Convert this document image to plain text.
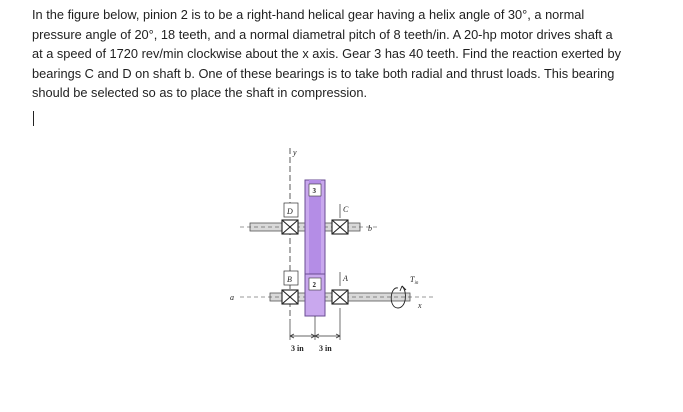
In the figure below, pinion 2 is to be a right-hand helical gear having a helix angle of 30°, a normal
pressure angle of 20°, 18 teeth, and a normal diametral pitch of 8 teeth/in. A 20-hp motor drives shaft a
at a speed of 1720 rev/min clockwise about the x axis. Gear 3 has 40 teeth. Find the reaction exerted by
bearings C and D on shaft b. One of these bearings is to take both radial and thrust loads. This bearing
should be selected so as to place the shaft in compression.
y
b
a
x
3
2
D	C
B	A	$T_{in}$
3 in 3 in
